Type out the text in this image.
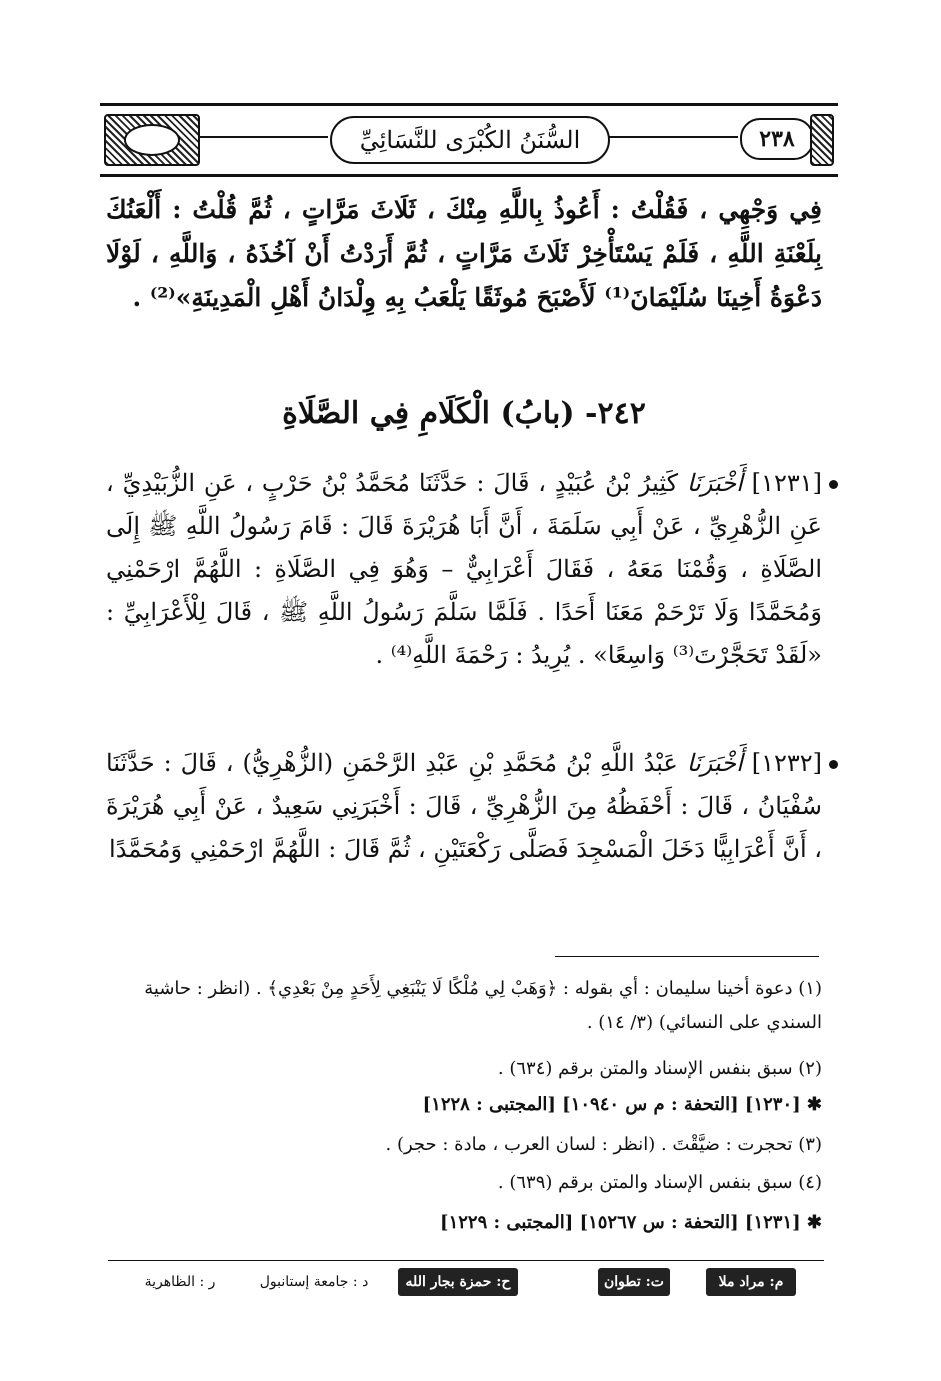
السُّنَنُ الكُبْرَى للنَّسَائِيِّ	٢٣٨
فِي وَجْهِي ، فَقُلْتُ : أَعُوذُ بِاللَّهِ مِنْكَ ، ثَلَاثَ مَرَّاتٍ ، ثُمَّ قُلْتُ : أَلْعَنُكَ بِلَعْنَةِ اللَّهِ ، فَلَمْ يَسْتَأْخِرْ ثَلَاثَ مَرَّاتٍ ، ثُمَّ أَرَدْتُ أَنْ آخُذَهُ ، وَاللَّهِ ، لَوْلَا دَعْوَةُ أَخِينَا سُلَيْمَانَ⁽¹⁾ لَأَصْبَحَ مُوثَقًا يَلْعَبُ بِهِ وِلْدَانُ أَهْلِ الْمَدِينَةِ»⁽²⁾ .
٢٤٢- (بابُ) الْكَلَامِ فِي الصَّلَاةِ
[١٢٣١] أَخْبَرَنَا كَثِيرُ بْنُ عُبَيْدٍ ، قَالَ : حَدَّثَنَا مُحَمَّدُ بْنُ حَرْبٍ ، عَنِ الزُّبَيْدِيِّ ، عَنِ الزُّهْرِيِّ ، عَنْ أَبِي سَلَمَةَ ، أَنَّ أَبَا هُرَيْرَةَ قَالَ : قَامَ رَسُولُ اللَّهِ ﷺ إِلَى الصَّلَاةِ ، وَقُمْنَا مَعَهُ ، فَقَالَ أَعْرَابِيٌّ – وَهُوَ فِي الصَّلَاةِ : اللَّهُمَّ ارْحَمْنِي وَمُحَمَّدًا وَلَا تَرْحَمْ مَعَنَا أَحَدًا . فَلَمَّا سَلَّمَ رَسُولُ اللَّهِ ﷺ ، قَالَ لِلْأَعْرَابِيِّ : «لَقَدْ تَحَجَّرْتَ⁽³⁾ وَاسِعًا» . يُرِيدُ : رَحْمَةَ اللَّهِ⁽⁴⁾ .
[١٢٣٢] أَخْبَرَنَا عَبْدُ اللَّهِ بْنُ مُحَمَّدِ بْنِ عَبْدِ الرَّحْمَنِ (الزُّهْرِيُّ) ، قَالَ : حَدَّثَنَا سُفْيَانُ ، قَالَ : أَحْفَظُهُ مِنَ الزُّهْرِيِّ ، قَالَ : أَخْبَرَنِي سَعِيدٌ ، عَنْ أَبِي هُرَيْرَةَ ، أَنَّ أَعْرَابِيًّا دَخَلَ الْمَسْجِدَ فَصَلَّى رَكْعَتَيْنِ ، ثُمَّ قَالَ : اللَّهُمَّ ارْحَمْنِي وَمُحَمَّدًا
(١) دعوة أخينا سليمان : أي بقوله : ﴿وَهَبْ لِي مُلْكًا لَا يَنْبَغِي لِأَحَدٍ مِنْ بَعْدِي﴾ . (انظر : حاشية السندي على النسائي) (٣/ ١٤) .
(٢) سبق بنفس الإسناد والمتن برقم (٦٣٤) .
✱ [١٢٣٠] [التحفة : م س ١٠٩٤٠] [المجتبى : ١٢٢٨]
(٣) تحجرت : ضيَّقْتَ . (انظر : لسان العرب ، مادة : حجر) .
(٤) سبق بنفس الإسناد والمتن برقم (٦٣٩) .
✱ [١٢٣١] [التحفة : س ١٥٢٦٧] [المجتبى : ١٢٢٩]
م: مراد ملا
ت: تطوان
ح: حمزة بجار الله
د : جامعة إستانبول
ر : الظاهرية
